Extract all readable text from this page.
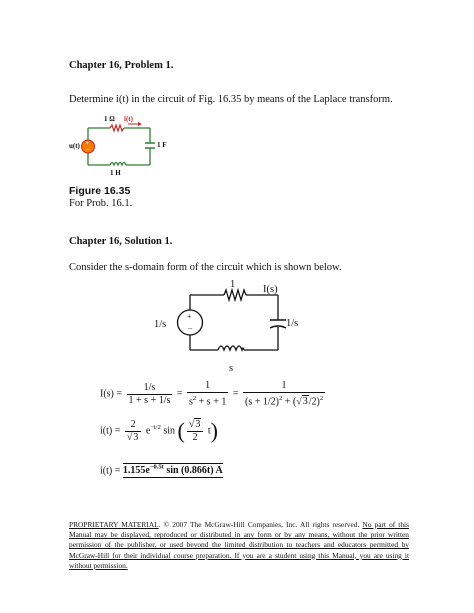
Chapter 16, Problem 1.
Determine i(t) in the circuit of Fig. 16.35 by means of the Laplace transform.
+
−
1 Ω i(t)
u(t)	1 F
1 H
Figure 16.35
For Prob. 16.1.
Chapter 16, Solution 1.
Consider the s-domain form of the circuit which is shown below.
+
−
1	I(s)
1/s	1/s
s
$I(s) = \frac{1/s}{1 + s + 1/s} = \frac{1}{s^2 + s + 1} = \frac{1}{(s + 1/2)^2 + (√3/2)^2}$
$i(t) = \frac{2}{√3} e^{-t/2}$ sin ( $\frac{√3}{2} t$)
$i(t) = 1.155e^{-0.5t}$ sin (0.866t) A
PROPRIETARY MATERIAL. © 2007 The McGraw-Hill Companies, Inc. All rights reserved. No part of this Manual may be displayed, reproduced or distributed in any form or by any means, without the prior written permission of the publisher, or used beyond the limited distribution to teachers and educators permitted by McGraw-Hill for their individual course preparation. If you are a student using this Manual, you are using it without permission.
